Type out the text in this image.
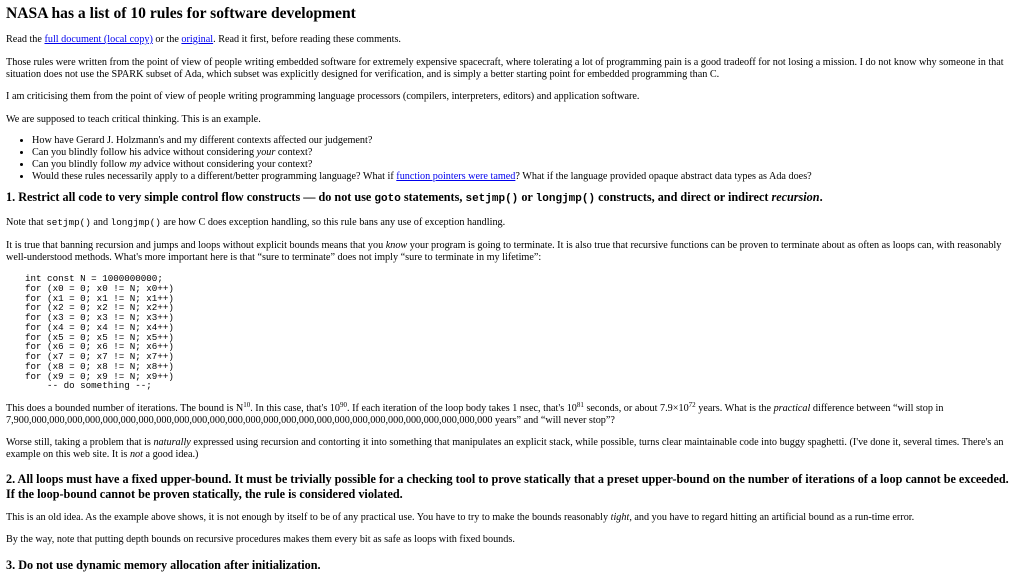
NASA has a list of 10 rules for software development

Read the full document (local copy) or the original. Read it first, before reading these comments.

Those rules were written from the point of view of people writing embedded software for extremely expensive spacecraft, where tolerating a lot of programming pain is a good tradeoff for not losing a mission. I do not know why someone in that situation does not use the SPARK subset of Ada, which subset was explicitly designed for verification, and is simply a better starting point for embedded programming than C.

I am criticising them from the point of view of people writing programming language processors (compilers, interpreters, editors) and application software.

We are supposed to teach critical thinking. This is an example.

• How have Gerard J. Holzmann's and my different contexts affected our judgement?
• Can you blindly follow his advice without considering your context?
• Can you blindly follow my advice without considering your context?
• Would these rules necessarily apply to a different/better programming language? What if function pointers were tamed? What if the language provided opaque abstract data types as Ada does?
1. Restrict all code to very simple control flow constructs — do not use goto statements, setjmp() or longjmp() constructs, and direct or indirect recursion.

Note that setjmp() and longjmp() are how C does exception handling, so this rule bans any use of exception handling.

It is true that banning recursion and jumps and loops without explicit bounds means that you know your program is going to terminate. It is also true that recursive functions can be proven to terminate about as often as loops can, with reasonably well-understood methods. What's more important here is that “sure to terminate” does not imply “sure to terminate in my lifetime”:

int const N = 1000000000;
for (x0 = 0; x0 != N; x0++)
for (x1 = 0; x1 != N; x1++)
for (x2 = 0; x2 != N; x2++)
for (x3 = 0; x3 != N; x3++)
for (x4 = 0; x4 != N; x4++)
for (x5 = 0; x5 != N; x5++)
for (x6 = 0; x6 != N; x6++)
for (x7 = 0; x7 != N; x7++)
for (x8 = 0; x8 != N; x8++)
for (x9 = 0; x9 != N; x9++)
-- do something --;

This does a bounded number of iterations. The bound is $N^{10}$. In this case, that's $10^{90}$. If each iteration of the loop body takes 1 nsec, that's $10^{81}$ seconds, or about $7.9\times 10^{72}$ years. What is the practical difference between “will stop in 7,900,000,000,000,000,000,000,000,000,000,000,000,000,000,000,000,000,000,000,000,000,000,000,000,000,000,000 years” and “will never stop”?

Worse still, taking a problem that is naturally expressed using recursion and contorting it into something that manipulates an explicit stack, while possible, turns clear maintainable code into buggy spaghetti. (I've done it, several times. There's an example on this web site. It is not a good idea.)

2. All loops must have a fixed upper-bound. It must be trivially possible for a checking tool to prove statically that a preset upper-bound on the number of iterations of a loop cannot be exceeded. If the loop-bound cannot be proven statically, the rule is considered violated.

This is an old idea. As the example above shows, it is not enough by itself to be of any practical use. You have to try to make the bounds reasonably tight, and you have to regard hitting an artificial bound as a run-time error.

By the way, note that putting depth bounds on recursive procedures makes them every bit as safe as loops with fixed bounds.

3. Do not use dynamic memory allocation after initialization.
